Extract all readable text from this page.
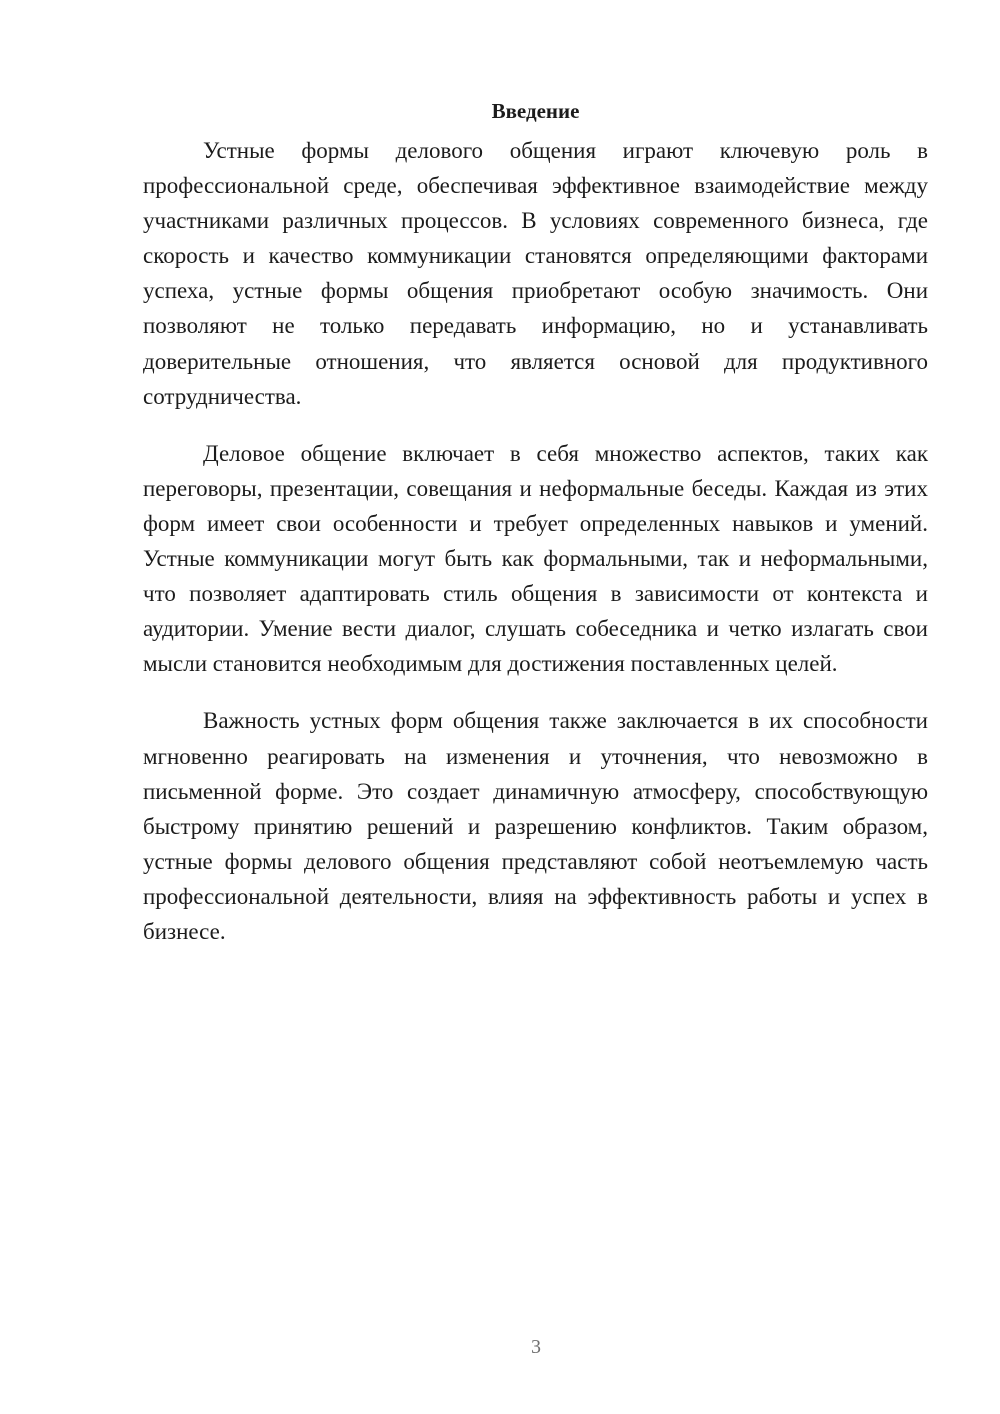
Введение

Устные формы делового общения играют ключевую роль в профессиональной среде, обеспечивая эффективное взаимодействие между участниками различных процессов. В условиях современного бизнеса, где скорость и качество коммуникации становятся определяющими факторами успеха, устные формы общения приобретают особую значимость. Они позволяют не только передавать информацию, но и устанавливать доверительные отношения, что является основой для продуктивного сотрудничества.

Деловое общение включает в себя множество аспектов, таких как переговоры, презентации, совещания и неформальные беседы. Каждая из этих форм имеет свои особенности и требует определенных навыков и умений. Устные коммуникации могут быть как формальными, так и неформальными, что позволяет адаптировать стиль общения в зависимости от контекста и аудитории. Умение вести диалог, слушать собеседника и четко излагать свои мысли становится необходимым для достижения поставленных целей.

Важность устных форм общения также заключается в их способности мгновенно реагировать на изменения и уточнения, что невозможно в письменной форме. Это создает динамичную атмосферу, способствующую быстрому принятию решений и разрешению конфликтов. Таким образом, устные формы делового общения представляют собой неотъемлемую часть профессиональной деятельности, влияя на эффективность работы и успех в бизнесе.

3
